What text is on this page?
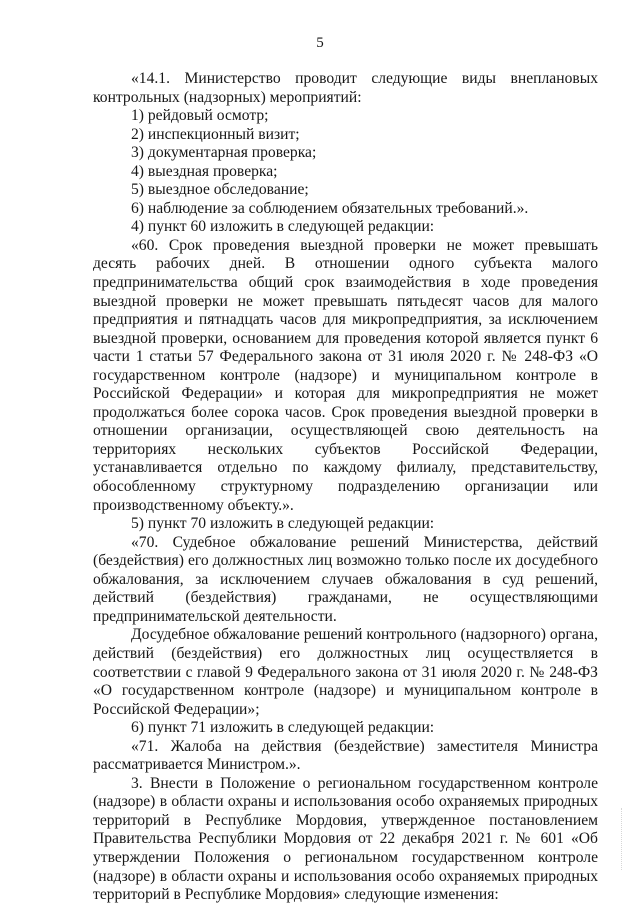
5

«14.1. Министерство проводит следующие виды внеплановых контрольных (надзорных) мероприятий:

1) рейдовый осмотр;

2) инспекционный визит;

3) документарная проверка;

4) выездная проверка;

5) выездное обследование;

6) наблюдение за соблюдением обязательных требований.».

4) пункт 60 изложить в следующей редакции:

«60. Срок проведения выездной проверки не может превышать десять рабочих дней. В отношении одного субъекта малого предпринимательства общий срок взаимодействия в ходе проведения выездной проверки не может превышать пятьдесят часов для малого предприятия и пятнадцать часов для микропредприятия, за исключением выездной проверки, основанием для проведения которой является пункт 6 части 1 статьи 57 Федерального закона от 31 июля 2020 г. № 248-ФЗ «О государственном контроле (надзоре) и муниципальном контроле в Российской Федерации» и которая для микропредприятия не может продолжаться более сорока часов. Срок проведения выездной проверки в отношении организации, осуществляющей свою деятельность на территориях нескольких субъектов Российской Федерации, устанавливается отдельно по каждому филиалу, представительству, обособленному структурному подразделению организации или производственному объекту.».

5) пункт 70 изложить в следующей редакции:

«70. Судебное обжалование решений Министерства, действий (бездействия) его должностных лиц возможно только после их досудебного обжалования, за исключением случаев обжалования в суд решений, действий (бездействия) гражданами, не осуществляющими предпринимательской деятельности.

Досудебное обжалование решений контрольного (надзорного) органа, действий (бездействия) его должностных лиц осуществляется в соответствии с главой 9 Федерального закона от 31 июля 2020 г. № 248-ФЗ «О государственном контроле (надзоре) и муниципальном контроле в Российской Федерации»;

6) пункт 71 изложить в следующей редакции:

«71. Жалоба на действия (бездействие) заместителя Министра рассматривается Министром.».

3. Внести в Положение о региональном государственном контроле (надзоре) в области охраны и использования особо охраняемых природных территорий в Республике Мордовия, утвержденное постановлением Правительства Республики Мордовия от 22 декабря 2021 г. № 601 «Об утверждении Положения о региональном государственном контроле (надзоре) в области охраны и использования особо охраняемых природных территорий в Республике Мордовия» следующие изменения:
